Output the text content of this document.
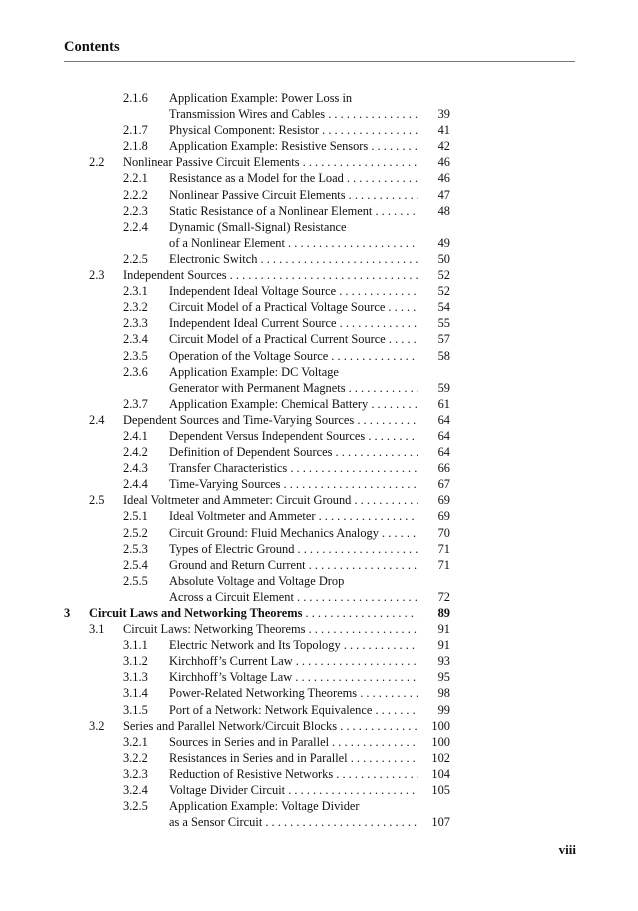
Contents
2.1.6 Application Example: Power Loss in
Transmission Wires and Cables . . .	39
2.1.7 Physical Component: Resistor . . .	41
2.1.8 Application Example: Resistive Sensors . . .	42
2.2 Nonlinear Passive Circuit Elements . . .	46
2.2.1 Resistance as a Model for the Load . . .	46
2.2.2 Nonlinear Passive Circuit Elements . . .	47
2.2.3 Static Resistance of a Nonlinear Element . . .	48
2.2.4 Dynamic (Small-Signal) Resistance
of a Nonlinear Element . . .	49
2.2.5 Electronic Switch . . .	50
2.3 Independent Sources . . .	52
2.3.1 Independent Ideal Voltage Source . . .	52
2.3.2 Circuit Model of a Practical Voltage Source . . .	54
2.3.3 Independent Ideal Current Source . . .	55
2.3.4 Circuit Model of a Practical Current Source . . .	57
2.3.5 Operation of the Voltage Source . . .	58
2.3.6 Application Example: DC Voltage
Generator with Permanent Magnets . . .	59
2.3.7 Application Example: Chemical Battery . . .	61
2.4 Dependent Sources and Time-Varying Sources . . .	64
2.4.1 Dependent Versus Independent Sources . . .	64
2.4.2 Definition of Dependent Sources . . .	64
2.4.3 Transfer Characteristics . . .	66
2.4.4 Time-Varying Sources . . .	67
2.5 Ideal Voltmeter and Ammeter: Circuit Ground . . .	69
2.5.1 Ideal Voltmeter and Ammeter . . .	69
2.5.2 Circuit Ground: Fluid Mechanics Analogy . . .	70
2.5.3 Types of Electric Ground . . .	71
2.5.4 Ground and Return Current . . .	71
2.5.5 Absolute Voltage and Voltage Drop
Across a Circuit Element . . .	72
3 Circuit Laws and Networking Theorems . . .	89
3.1 Circuit Laws: Networking Theorems . . .	91
3.1.1 Electric Network and Its Topology . . .	91
3.1.2 Kirchhoff’s Current Law . . .	93
3.1.3 Kirchhoff’s Voltage Law . . .	95
3.1.4 Power-Related Networking Theorems . . .	98
3.1.5 Port of a Network: Network Equivalence . . .	99
3.2 Series and Parallel Network/Circuit Blocks . . .	100
3.2.1 Sources in Series and in Parallel . . .	100
3.2.2 Resistances in Series and in Parallel . . .	102
3.2.3 Reduction of Resistive Networks . . .	104
3.2.4 Voltage Divider Circuit . . .	105
3.2.5 Application Example: Voltage Divider
as a Sensor Circuit . . .	107
viii
